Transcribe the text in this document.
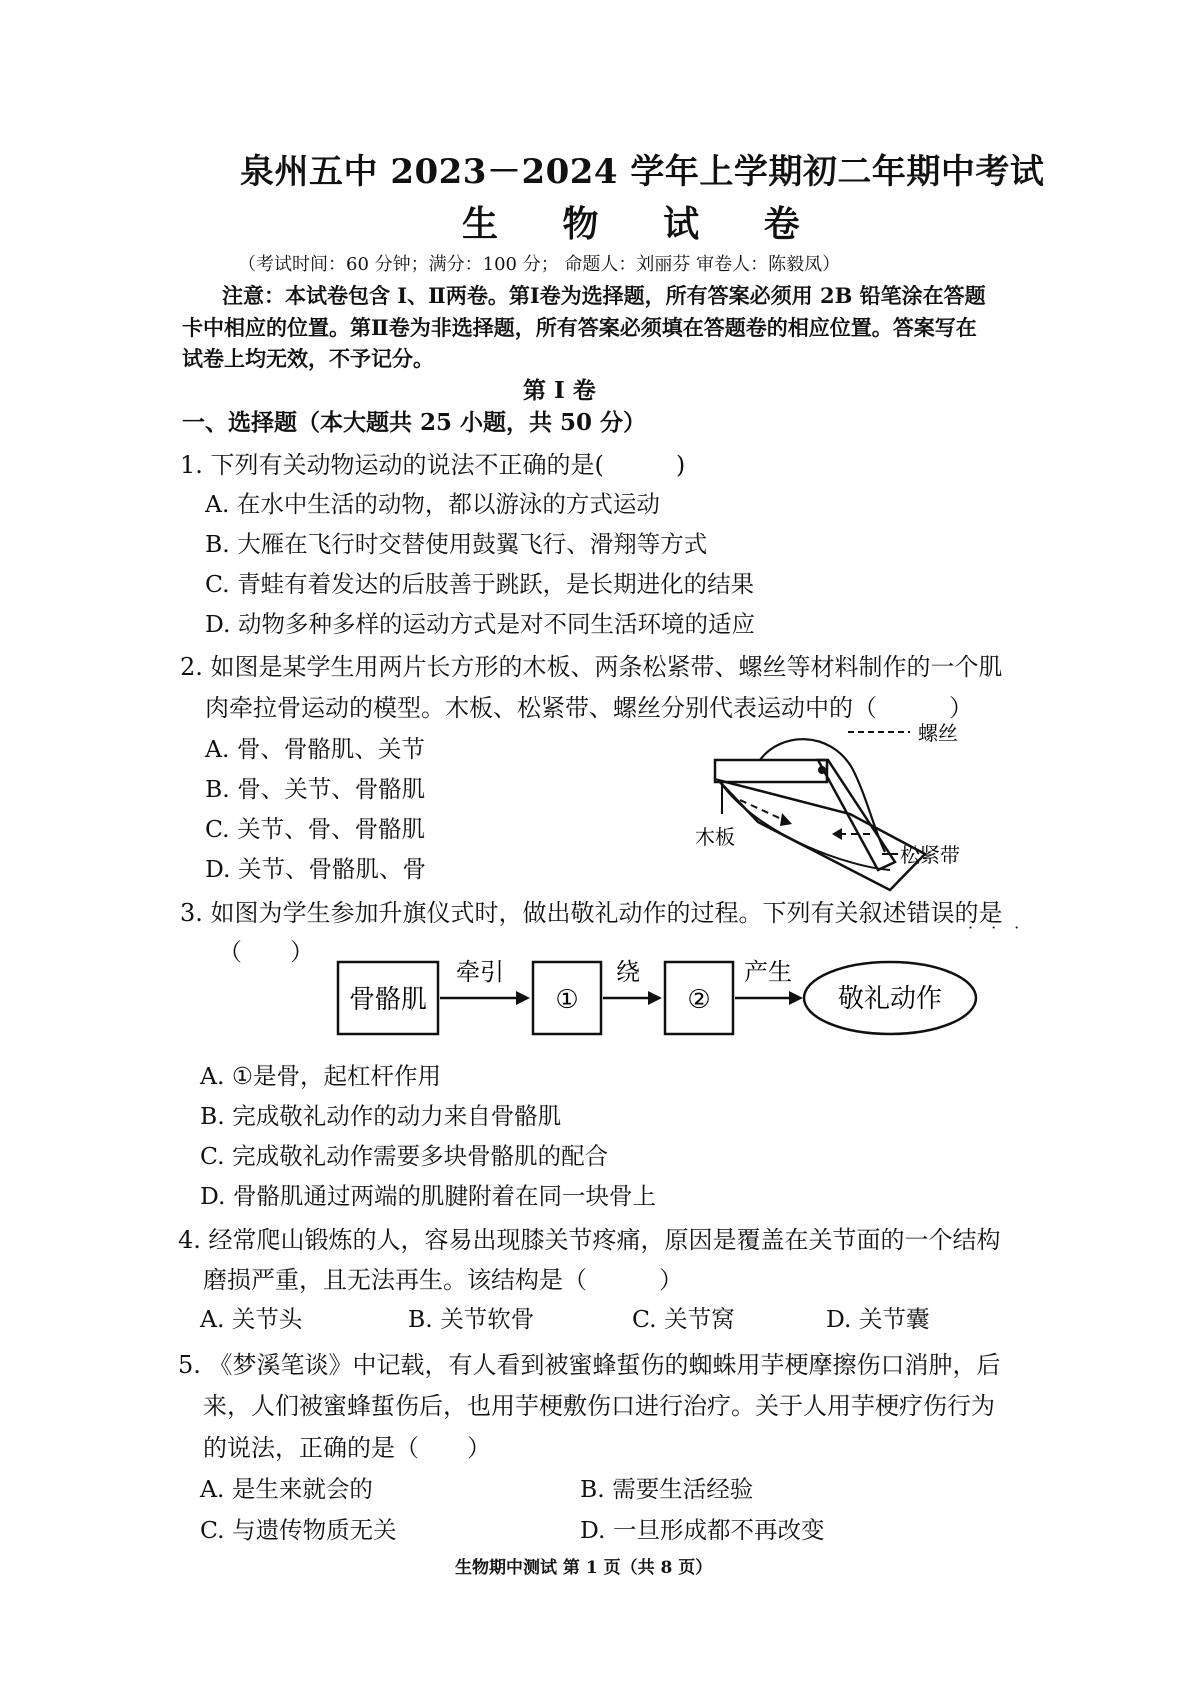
泉州五中 2023－2024 学年上学期初二年期中考试
生 物 试 卷
（考试时间：60 分钟；满分：100 分； 命题人：刘丽芬 审卷人：陈毅凤）
注意：本试卷包含 Ⅰ、Ⅱ两卷。第Ⅰ卷为选择题，所有答案必须用 2B 铅笔涂在答题
卡中相应的位置。第Ⅱ卷为非选择题，所有答案必须填在答题卷的相应位置。答案写在
试卷上均无效，不予记分。
第 Ⅰ 卷
一、选择题（本大题共 25 小题，共 50 分）
1. 下列有关动物运动的说法不正确的是(　　　)
A. 在水中生活的动物，都以游泳的方式运动
B. 大雁在飞行时交替使用鼓翼飞行、滑翔等方式
C. 青蛙有着发达的后肢善于跳跃，是长期进化的结果
D. 动物多种多样的运动方式是对不同生活环境的适应
2. 如图是某学生用两片长方形的木板、两条松紧带、螺丝等材料制作的一个肌
肉牵拉骨运动的模型。木板、松紧带、螺丝分别代表运动中的（　　　）
A. 骨、骨骼肌、关节
B. 骨、关节、骨骼肌
C. 关节、骨、骨骼肌
D. 关节、骨骼肌、骨
螺丝
木板
松紧带
3. 如图为学生参加升旗仪式时，做出敬礼动作的过程。下列有关叙述错误的是
···
（　　）
骨骼肌
牵引
①
绕
②
产生
敬礼动作
A. ①是骨，起杠杆作用
B. 完成敬礼动作的动力来自骨骼肌
C. 完成敬礼动作需要多块骨骼肌的配合
D. 骨骼肌通过两端的肌腱附着在同一块骨上
4. 经常爬山锻炼的人，容易出现膝关节疼痛，原因是覆盖在关节面的一个结构
磨损严重，且无法再生。该结构是（　　　）
A. 关节头	B. 关节软骨	C. 关节窝	D. 关节囊
5. 《梦溪笔谈》中记载，有人看到被蜜蜂蜇伤的蜘蛛用芋梗摩擦伤口消肿，后
来，人们被蜜蜂蜇伤后，也用芋梗敷伤口进行治疗。关于人用芋梗疗伤行为
的说法，正确的是（　　）
A. 是生来就会的	B. 需要生活经验
C. 与遗传物质无关	D. 一旦形成都不再改变
生物期中测试 第 1 页（共 8 页）
